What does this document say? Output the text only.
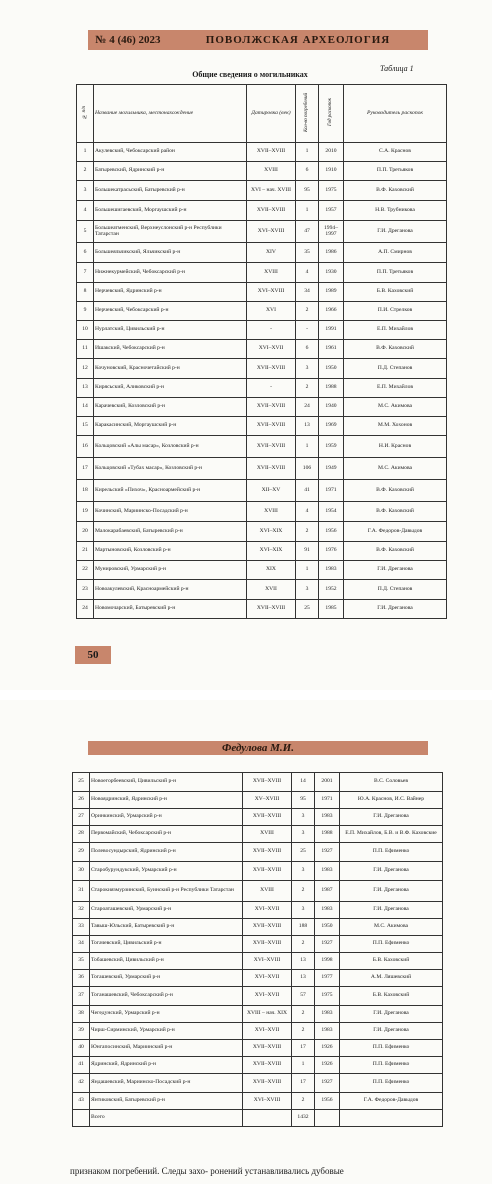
№ 4 (46) 2023	ПОВОЛЖСКАЯ АРХЕОЛОГИЯ
Таблица 1
Общие сведения о могильниках
№ п/п	Название могильника, местонахождение	Датировка (век)	Кол-во погребений	Год раскопок	Руководитель раскопок
1	Акулевский, Чебоксарский район	XVII–XVIII	1	2010	С.А. Краснов
2	Батыревский, Ядринский р-н	XVIII	6	1910	П.П. Третьяков
3	Большекатрасьский, Батыревский р-н	XVI – нач. XVIII	95	1975	В.Ф. Каховский
4	Большешигаевский, Моргаушский р-н	XVII–XVIII	1	1957	Н.В. Трубникова
5	Большеатменский, Верхнеуслонский р-н Республики Татарстан	XVI–XVIII	47	1994–1997	Г.И. Дреганова
6	Большеяльчикский, Яльчикский р-н	XIV	35	1986	А.П. Смирнов
7	Нижнекурмейский, Чебоксарский р-н	XVIII	4	1930	П.П. Третьяков
8	Нерчевский, Ядринский р-н	XVI–XVIII	34	1989	Б.В. Каховский
9	Нерчевский, Чебоксарский р-н	XVI	2	1966	П.И. Стрелков
10	Нурлатский, Цивильский р-н	-	-	1991	Е.П. Михайлов
11	Ишакский, Чебоксарский р-н	XVI–XVII	6	1961	В.Ф. Каховский
12	Кочуновский, Красночетайский р-н	XVII–XVIII	3	1950	П.Д. Степанов
13	Кирясьский, Аликовский р-н	-	2	1988	Е.П. Михайлов
14	Карачевский, Козловский р-н	XVII–XVIII	24	1940	М.С. Акимова
15	Каракасинский, Моргаушский р-н	XVII–XVIII	13	1969	М.М. Хохонов
16	Кольцовский «Алы масар», Козловский р-н	XVII–XVIII	1	1959	Н.И. Краснов
17	Кольцовский «Тубах масар», Козловский р-н	XVII–XVIII	106	1949	М.С. Акимова
18	Кирельский «Пихоч», Красноармейский р-н	XII–XV	41	1971	В.Ф. Каховский
19	Кочинский, Мариинско-Посадский р-н	XVIII	4	1954	В.Ф. Каховский
20	Малокарабаевский, Батыревский р-н	XVI–XIX	2	1956	Г.А. Федоров-Давыдов
21	Мартыновский, Козловский р-н	XVI–XIX	91	1976	В.Ф. Каховский
22	Мунировский, Урмарский р-н	XIX	1	1983	Г.И. Дреганова
23	Новоакулевский, Красноармейский р-н	XVII	3	1952	П.Д. Степанов
24	Новомочарский, Батыревский р-н	XVII–XVIII	25	1985	Г.И. Дреганова
50
Федулова М.И.
25	Новоегорбеевский, Цивильский р-н	XVII–XVIII	14	2001	В.С. Соловьев
26	Новоядринский, Ядринский р-н	XV–XVIII	95	1971	Ю.А. Краснов, И.С. Вайнер
27	Оринкинский, Урмарский р-н	XVII–XVIII	3	1983	Г.И. Дреганова
28	Первомайский, Чебоксарский р-н	XVIII	3	1988	Е.П. Михайлов, Б.В. и В.Ф. Каховские
29	Полевосундырский, Ядринский р-н	XVII–XVIII	25	1927	П.П. Ефименко
30	Старобурундукский, Урмарский р-н	XVII–XVIII	3	1983	Г.И. Дреганова
31	Старокиязмурзинский, Буинский р-н Республики Татарстан	XVIII	2	1987	Г.И. Дреганова
32	Староаташевский, Урмарский р-н	XVI–XVII	3	1983	Г.И. Дреганова
33	Тавыш-Юльский, Батыревский р-н	XVII–XVIII	188	1950	М.С. Акимова
34	Тогачевский, Цивильский р-н	XVII–XVIII	2	1927	П.П. Ефименко
35	Тобашевский, Цивильский р-н	XVI–XVIII	13	1998	Б.В. Каховский
36	Тогашевский, Урмарский р-н	XVI–XVII	13	1977	А.М. Ляшевский
37	Тоганашевский, Чебоксарский р-н	XVI–XVII	57	1975	Б.В. Каховский
38	Чегедунский, Урмарский р-н	XVIII – нач. XIX	2	1983	Г.И. Дреганова
39	Чирш-Сирминский, Урмарский р-н	XVI–XVII	2	1983	Г.И. Дреганова
40	Юнгапосинский, Мариинский р-н	XVII–XVIII	17	1926	П.П. Ефименко
41	Ядринский, Ядринский р-н	XVII–XVIII	1	1926	П.П. Ефименко
42	Яндашевский, Мариинско-Посадский р-н	XVII–XVIII	17	1927	П.П. Ефименко
43	Янтиковский, Батыревский р-н	XVI–XVIII	2	1956	Г.А. Федоров-Давыдов
	Всего		1432		
признаком погребений. Следы захо- ронений устанавливались дубовые
